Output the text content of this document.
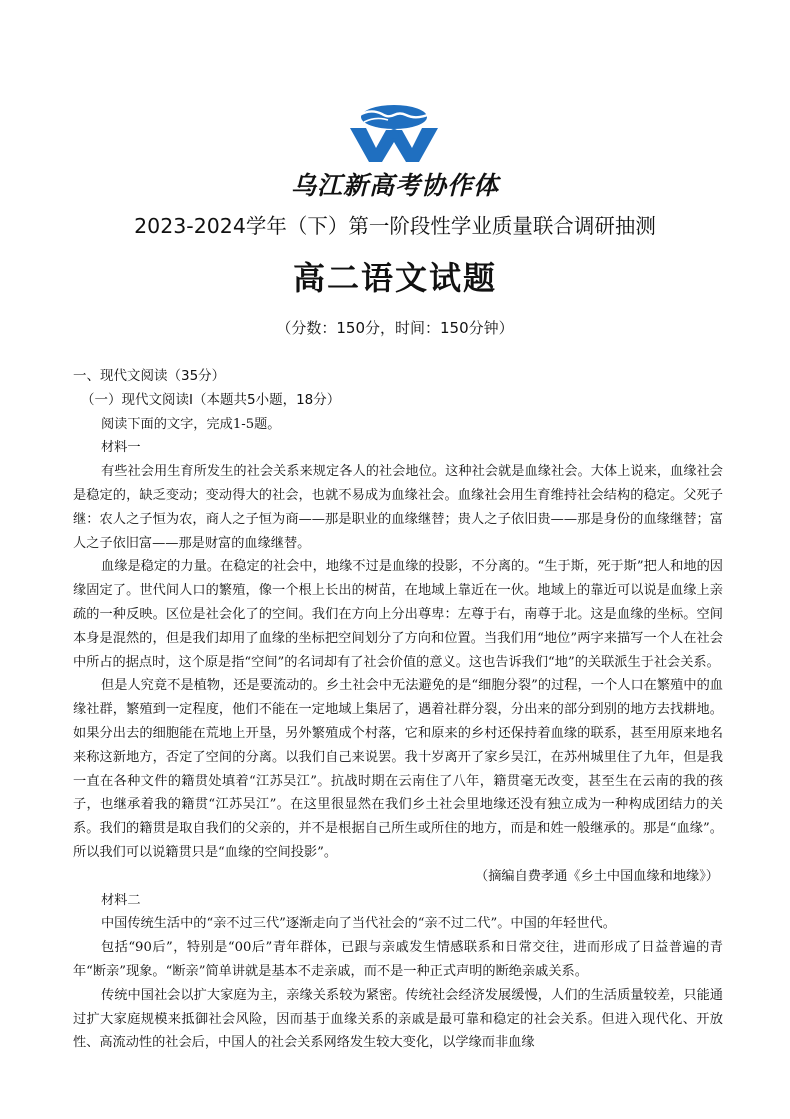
乌江新高考协作体
2023-2024学年（下）第一阶段性学业质量联合调研抽测
高二语文试题
（分数：150分，时间：150分钟）

一、现代文阅读（35分）

（一）现代文阅读Ⅰ（本题共5小题，18分）

阅读下面的文字，完成1-5题。

材料一

有些社会用生育所发生的社会关系来规定各人的社会地位。这种社会就是血缘社会。大体上说来，血缘社会是稳定的，缺乏变动；变动得大的社会，也就不易成为血缘社会。血缘社会用生育维持社会结构的稳定。父死子继：农人之子恒为农，商人之子恒为商——那是职业的血缘继替；贵人之子依旧贵——那是身份的血缘继替；富人之子依旧富——那是财富的血缘继替。

血缘是稳定的力量。在稳定的社会中，地缘不过是血缘的投影，不分离的。“生于斯，死于斯”把人和地的因缘固定了。世代间人口的繁殖，像一个根上长出的树苗，在地域上靠近在一伙。地域上的靠近可以说是血缘上亲疏的一种反映。区位是社会化了的空间。我们在方向上分出尊卑：左尊于右，南尊于北。这是血缘的坐标。空间本身是混然的，但是我们却用了血缘的坐标把空间划分了方向和位置。当我们用“地位”两字来描写一个人在社会中所占的据点时，这个原是指“空间”的名词却有了社会价值的意义。这也告诉我们“地”的关联派生于社会关系。

但是人究竟不是植物，还是要流动的。乡土社会中无法避免的是“细胞分裂”的过程，一个人口在繁殖中的血缘社群，繁殖到一定程度，他们不能在一定地域上集居了，遇着社群分裂，分出来的部分到别的地方去找耕地。如果分出去的细胞能在荒地上开垦，另外繁殖成个村落，它和原来的乡村还保持着血缘的联系，甚至用原来地名来称这新地方，否定了空间的分离。以我们自己来说罢。我十岁离开了家乡吴江，在苏州城里住了九年，但是我一直在各种文件的籍贯处填着“江苏吴江”。抗战时期在云南住了八年，籍贯毫无改变，甚至生在云南的我的孩子，也继承着我的籍贯“江苏吴江”。在这里很显然在我们乡土社会里地缘还没有独立成为一种构成团结力的关系。我们的籍贯是取自我们的父亲的，并不是根据自己所生或所住的地方，而是和姓一般继承的。那是“血缘”。所以我们可以说籍贯只是“血缘的空间投影”。

（摘编自费孝通《乡土中国血缘和地缘》）

材料二

中国传统生活中的“亲不过三代”逐渐走向了当代社会的“亲不过二代”。中国的年轻世代。

包括“90后”，特别是“00后”青年群体，已跟与亲戚发生情感联系和日常交往，进而形成了日益普遍的青年“断亲”现象。“断亲”简单讲就是基本不走亲戚，而不是一种正式声明的断绝亲戚关系。

传统中国社会以扩大家庭为主，亲缘关系较为紧密。传统社会经济发展缓慢，人们的生活质量较差，只能通过扩大家庭规模来抵御社会风险，因而基于血缘关系的亲戚是最可靠和稳定的社会关系。但进入现代化、开放性、高流动性的社会后，中国人的社会关系网络发生较大变化，以学缘而非血缘
